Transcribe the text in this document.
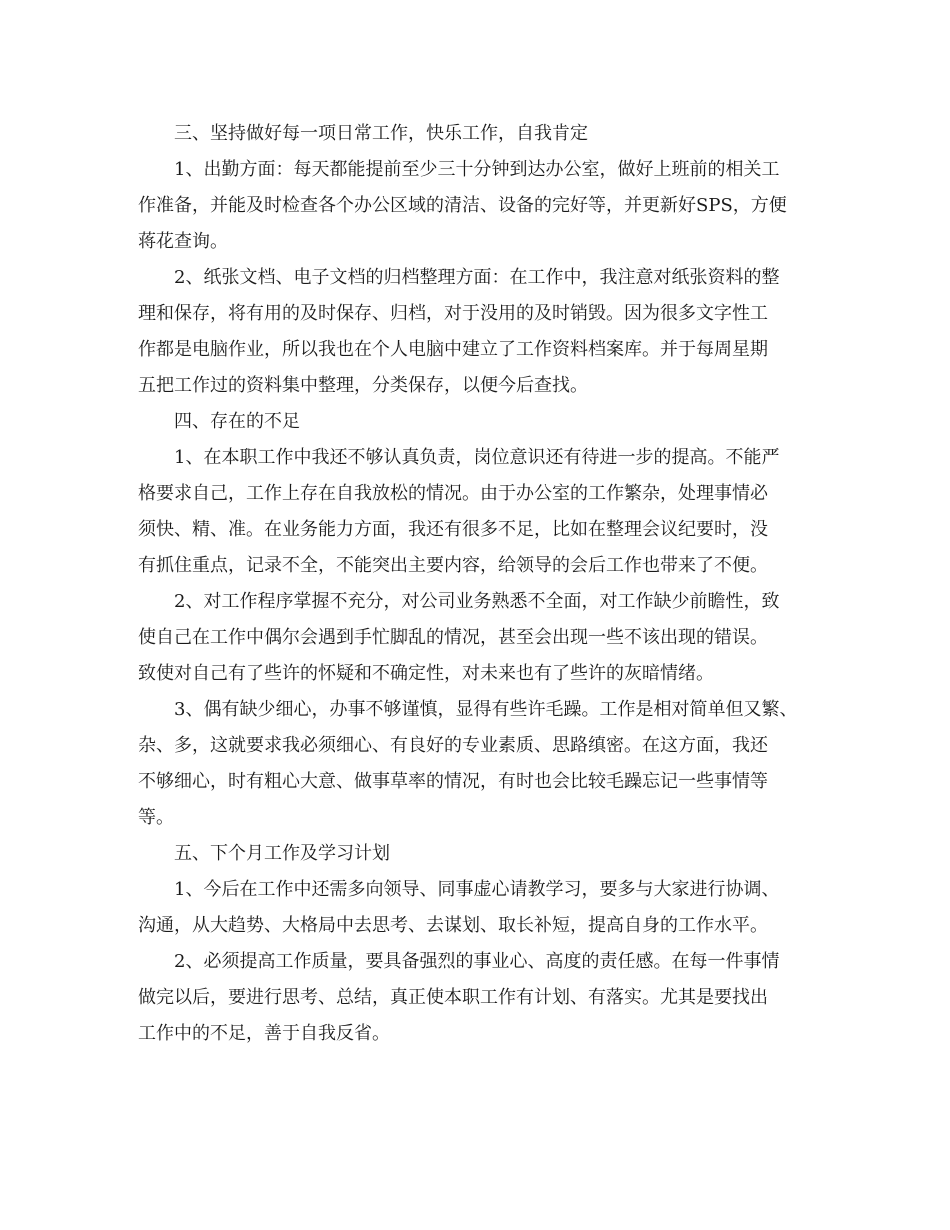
三、坚持做好每一项日常工作，快乐工作，自我肯定
1、出勤方面：每天都能提前至少三十分钟到达办公室，做好上班前的相关工
作准备，并能及时检查各个办公区域的清洁、设备的完好等，并更新好SPS，方便
蒋花查询。
2、纸张文档、电子文档的归档整理方面：在工作中，我注意对纸张资料的整
理和保存，将有用的及时保存、归档，对于没用的及时销毁。因为很多文字性工
作都是电脑作业，所以我也在个人电脑中建立了工作资料档案库。并于每周星期
五把工作过的资料集中整理，分类保存，以便今后查找。
四、存在的不足
1、在本职工作中我还不够认真负责，岗位意识还有待进一步的提高。不能严
格要求自己，工作上存在自我放松的情况。由于办公室的工作繁杂，处理事情必
须快、精、准。在业务能力方面，我还有很多不足，比如在整理会议纪要时，没
有抓住重点，记录不全，不能突出主要内容，给领导的会后工作也带来了不便。
2、对工作程序掌握不充分，对公司业务熟悉不全面，对工作缺少前瞻性，致
使自己在工作中偶尔会遇到手忙脚乱的情况，甚至会出现一些不该出现的错误。
致使对自己有了些许的怀疑和不确定性，对未来也有了些许的灰暗情绪。
3、偶有缺少细心，办事不够谨慎，显得有些许毛躁。工作是相对简单但又繁、
杂、多，这就要求我必须细心、有良好的专业素质、思路缜密。在这方面，我还
不够细心，时有粗心大意、做事草率的情况，有时也会比较毛躁忘记一些事情等
等。
五、下个月工作及学习计划
1、今后在工作中还需多向领导、同事虚心请教学习，要多与大家进行协调、
沟通，从大趋势、大格局中去思考、去谋划、取长补短，提高自身的工作水平。
2、必须提高工作质量，要具备强烈的事业心、高度的责任感。在每一件事情
做完以后，要进行思考、总结，真正使本职工作有计划、有落实。尤其是要找出
工作中的不足，善于自我反省。
